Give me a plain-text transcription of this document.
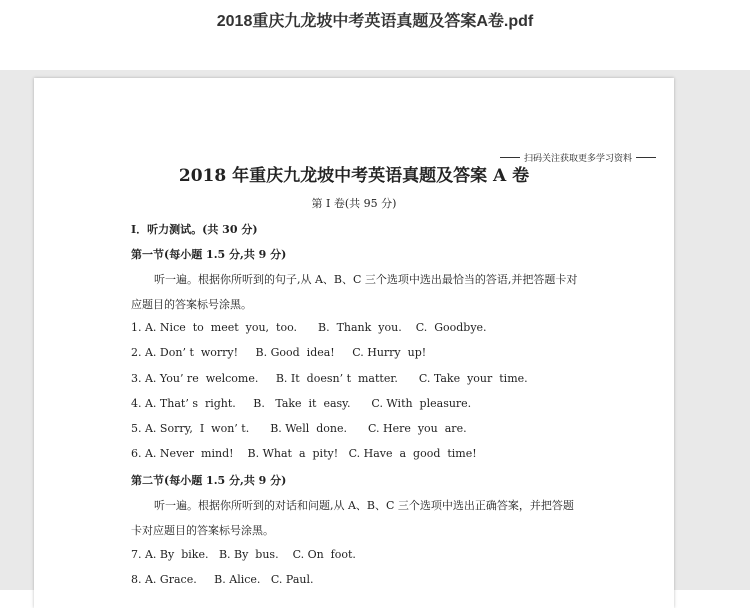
2018重庆九龙坡中考英语真题及答案A卷.pdf
扫码关注获取更多学习资料
2018 年重庆九龙坡中考英语真题及答案 A 卷
第 I 卷(共 95 分)
I．听力测试。(共 30 分)
第一节(每小题 1.5 分,共 9 分)
听一遍。根据你所听到的句子,从 A、B、C 三个选项中选出最恰当的答语,并把答题卡对
应题目的答案标号涂黑。
1. A. Nice  to  meet  you,  too.      B.  Thank  you.    C.  Goodbye.
2. A. Don’ t  worry!     B. Good  idea!     C. Hurry  up!
3. A. You’ re  welcome.     B. It  doesn’ t  matter.      C. Take  your  time.
4. A. That’ s  right.     B.   Take  it  easy.      C. With  pleasure.
5. A. Sorry,  I  won’ t.      B. Well  done.      C. Here  you  are.
6. A. Never  mind!    B. What  a  pity!   C. Have  a  good  time!
第二节(每小题 1.5 分,共 9 分)
听一遍。根据你所听到的对话和问题,从 A、B、C 三个选项中选出正确答案，并把答题
卡对应题目的答案标号涂黑。
7. A. By  bike.   B. By  bus.    C. On  foot.
8. A. Grace.     B. Alice.   C. Paul.
